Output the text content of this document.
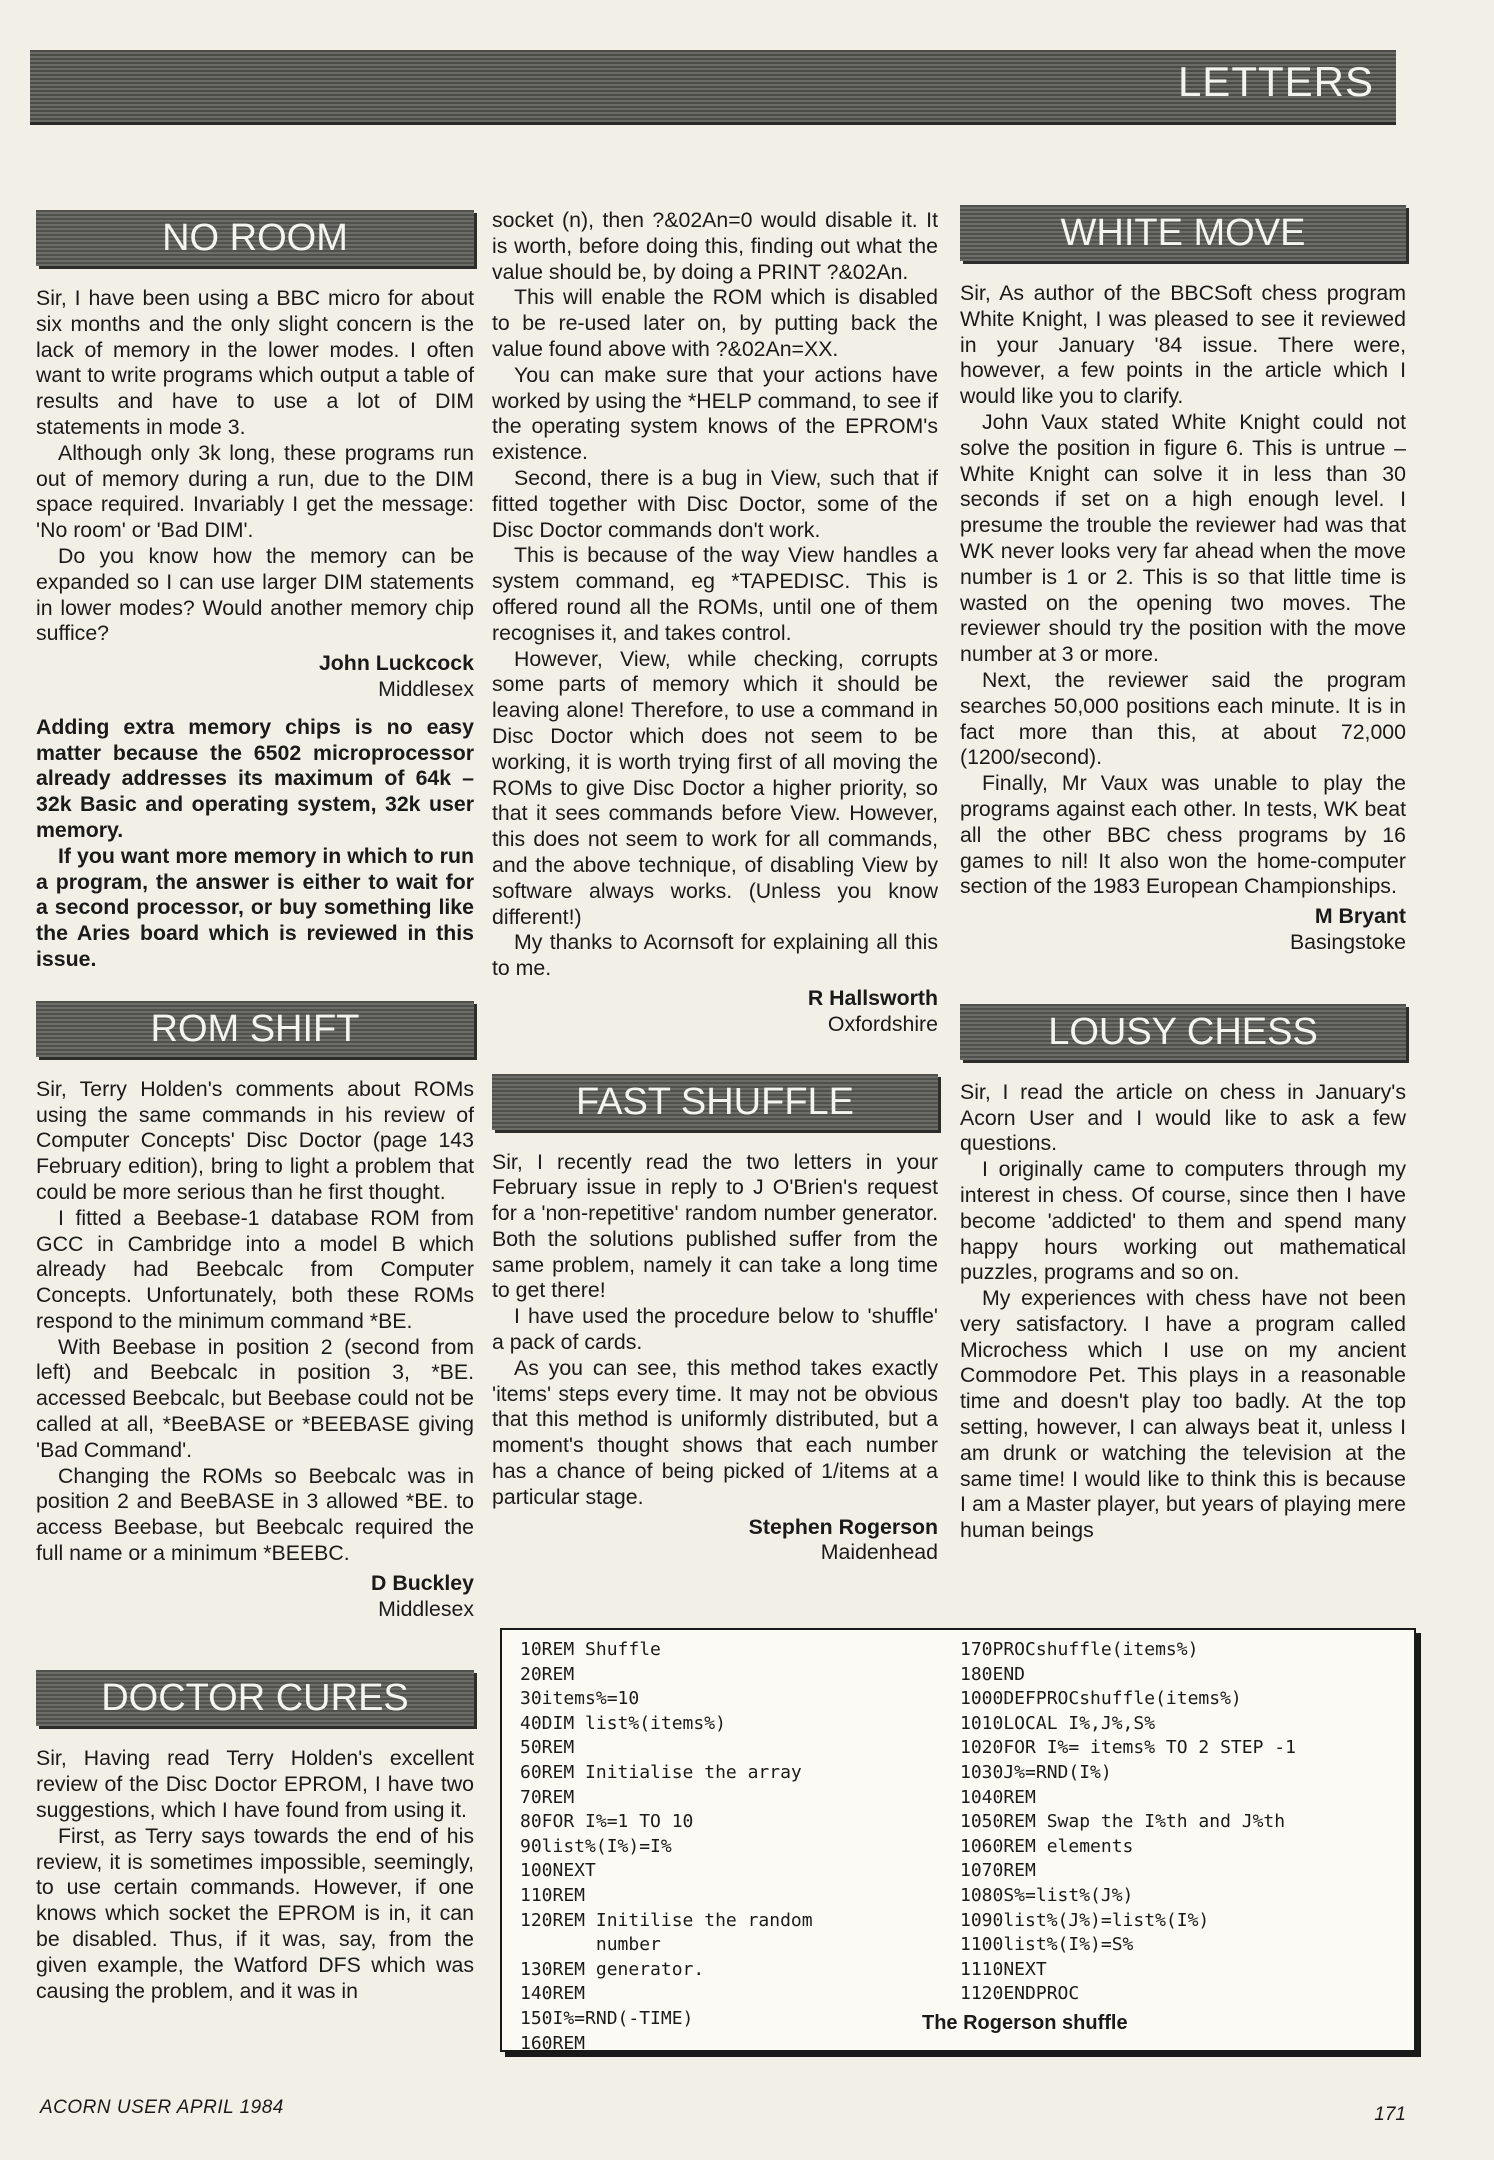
LETTERS
NO ROOM

Sir, I have been using a BBC micro for about six months and the only slight concern is the lack of memory in the lower modes. I often want to write programs which output a table of results and have to use a lot of DIM statements in mode 3.

Although only 3k long, these programs run out of memory during a run, due to the DIM space required. Invariably I get the message: 'No room' or 'Bad DIM'.

Do you know how the memory can be expanded so I can use larger DIM statements in lower modes? Would another memory chip suffice?

John Luckcock
Middlesex

Adding extra memory chips is no easy matter because the 6502 microprocessor already addresses its maximum of 64k – 32k Basic and operating system, 32k user memory.

If you want more memory in which to run a program, the answer is either to wait for a second processor, or buy something like the Aries board which is reviewed in this issue.

ROM SHIFT

Sir, Terry Holden's comments about ROMs using the same commands in his review of Computer Concepts' Disc Doctor (page 143 February edition), bring to light a problem that could be more serious than he first thought.

I fitted a Beebase-1 database ROM from GCC in Cambridge into a model B which already had Beebcalc from Computer Concepts. Unfortunately, both these ROMs respond to the minimum command *BE.

With Beebase in position 2 (second from left) and Beebcalc in position 3, *BE. accessed Beebcalc, but Beebase could not be called at all, *BeeBASE or *BEEBASE giving 'Bad Command'.

Changing the ROMs so Beebcalc was in position 2 and BeeBASE in 3 allowed *BE. to access Beebase, but Beebcalc required the full name or a minimum *BEEBC.

D Buckley
Middlesex
DOCTOR CURES

Sir, Having read Terry Holden's excellent review of the Disc Doctor EPROM, I have two suggestions, which I have found from using it.

First, as Terry says towards the end of his review, it is sometimes impossible, seemingly, to use certain commands. However, if one knows which socket the EPROM is in, it can be disabled. Thus, if it was, say, from the given example, the Watford DFS which was causing the problem, and it was in

socket (n), then ?&02An=0 would disable it. It is worth, before doing this, finding out what the value should be, by doing a PRINT ?&02An.

This will enable the ROM which is disabled to be re-used later on, by putting back the value found above with ?&02An=XX.

You can make sure that your actions have worked by using the *HELP command, to see if the operating system knows of the EPROM's existence.

Second, there is a bug in View, such that if fitted together with Disc Doctor, some of the Disc Doctor commands don't work.

This is because of the way View handles a system command, eg *TAPEDISC. This is offered round all the ROMs, until one of them recognises it, and takes control.

However, View, while checking, corrupts some parts of memory which it should be leaving alone! Therefore, to use a command in Disc Doctor which does not seem to be working, it is worth trying first of all moving the ROMs to give Disc Doctor a higher priority, so that it sees commands before View. However, this does not seem to work for all commands, and the above technique, of disabling View by software always works. (Unless you know different!)

My thanks to Acornsoft for explaining all this to me.

R Hallsworth
Oxfordshire
FAST SHUFFLE

Sir, I recently read the two letters in your February issue in reply to J O'Brien's request for a 'non-repetitive' random number generator. Both the solutions published suffer from the same problem, namely it can take a long time to get there!

I have used the procedure below to 'shuffle' a pack of cards.

As you can see, this method takes exactly 'items' steps every time. It may not be obvious that this method is uniformly distributed, but a moment's thought shows that each number has a chance of being picked of 1/items at a particular stage.

Stephen Rogerson
Maidenhead
WHITE MOVE

Sir, As author of the BBCSoft chess program White Knight, I was pleased to see it reviewed in your January '84 issue. There were, however, a few points in the article which I would like you to clarify.

John Vaux stated White Knight could not solve the position in figure 6. This is untrue – White Knight can solve it in less than 30 seconds if set on a high enough level. I presume the trouble the reviewer had was that WK never looks very far ahead when the move number is 1 or 2. This is so that little time is wasted on the opening two moves. The reviewer should try the position with the move number at 3 or more.

Next, the reviewer said the program searches 50,000 positions each minute. It is in fact more than this, at about 72,000 (1200/second).

Finally, Mr Vaux was unable to play the programs against each other. In tests, WK beat all the other BBC chess programs by 16 games to nil! It also won the home-computer section of the 1983 European Championships.

M Bryant
Basingstoke
LOUSY CHESS

Sir, I read the article on chess in January's Acorn User and I would like to ask a few questions.

I originally came to computers through my interest in chess. Of course, since then I have become 'addicted' to them and spend many happy hours working out mathematical puzzles, programs and so on.

My experiences with chess have not been very satisfactory. I have a program called Microchess which I use on my ancient Commodore Pet. This plays in a reasonable time and doesn't play too badly. At the top setting, however, I can always beat it, unless I am drunk or watching the television at the same time! I would like to think this is because I am a Master player, but years of playing mere human beings

10REM Shuffle
20REM
30items%=10
40DIM list%(items%)
50REM
60REM Initialise the array
70REM
80FOR I%=1 TO 10
90list%(I%)=I%
100NEXT
110REM
120REM Initilise the random
number
130REM generator.
140REM
150I%=RND(-TIME)
160REM
170PROCshuffle(items%)
180END
1000DEFPROCshuffle(items%)
1010LOCAL I%,J%,S%
1020FOR I%= items% TO 2 STEP -1
1030J%=RND(I%)
1040REM
1050REM Swap the I%th and J%th
1060REM elements
1070REM
1080S%=list%(J%)
1090list%(J%)=list%(I%)
1100list%(I%)=S%
1110NEXT
1120ENDPROC
The Rogerson shuffle
ACORN USER APRIL 1984	171
